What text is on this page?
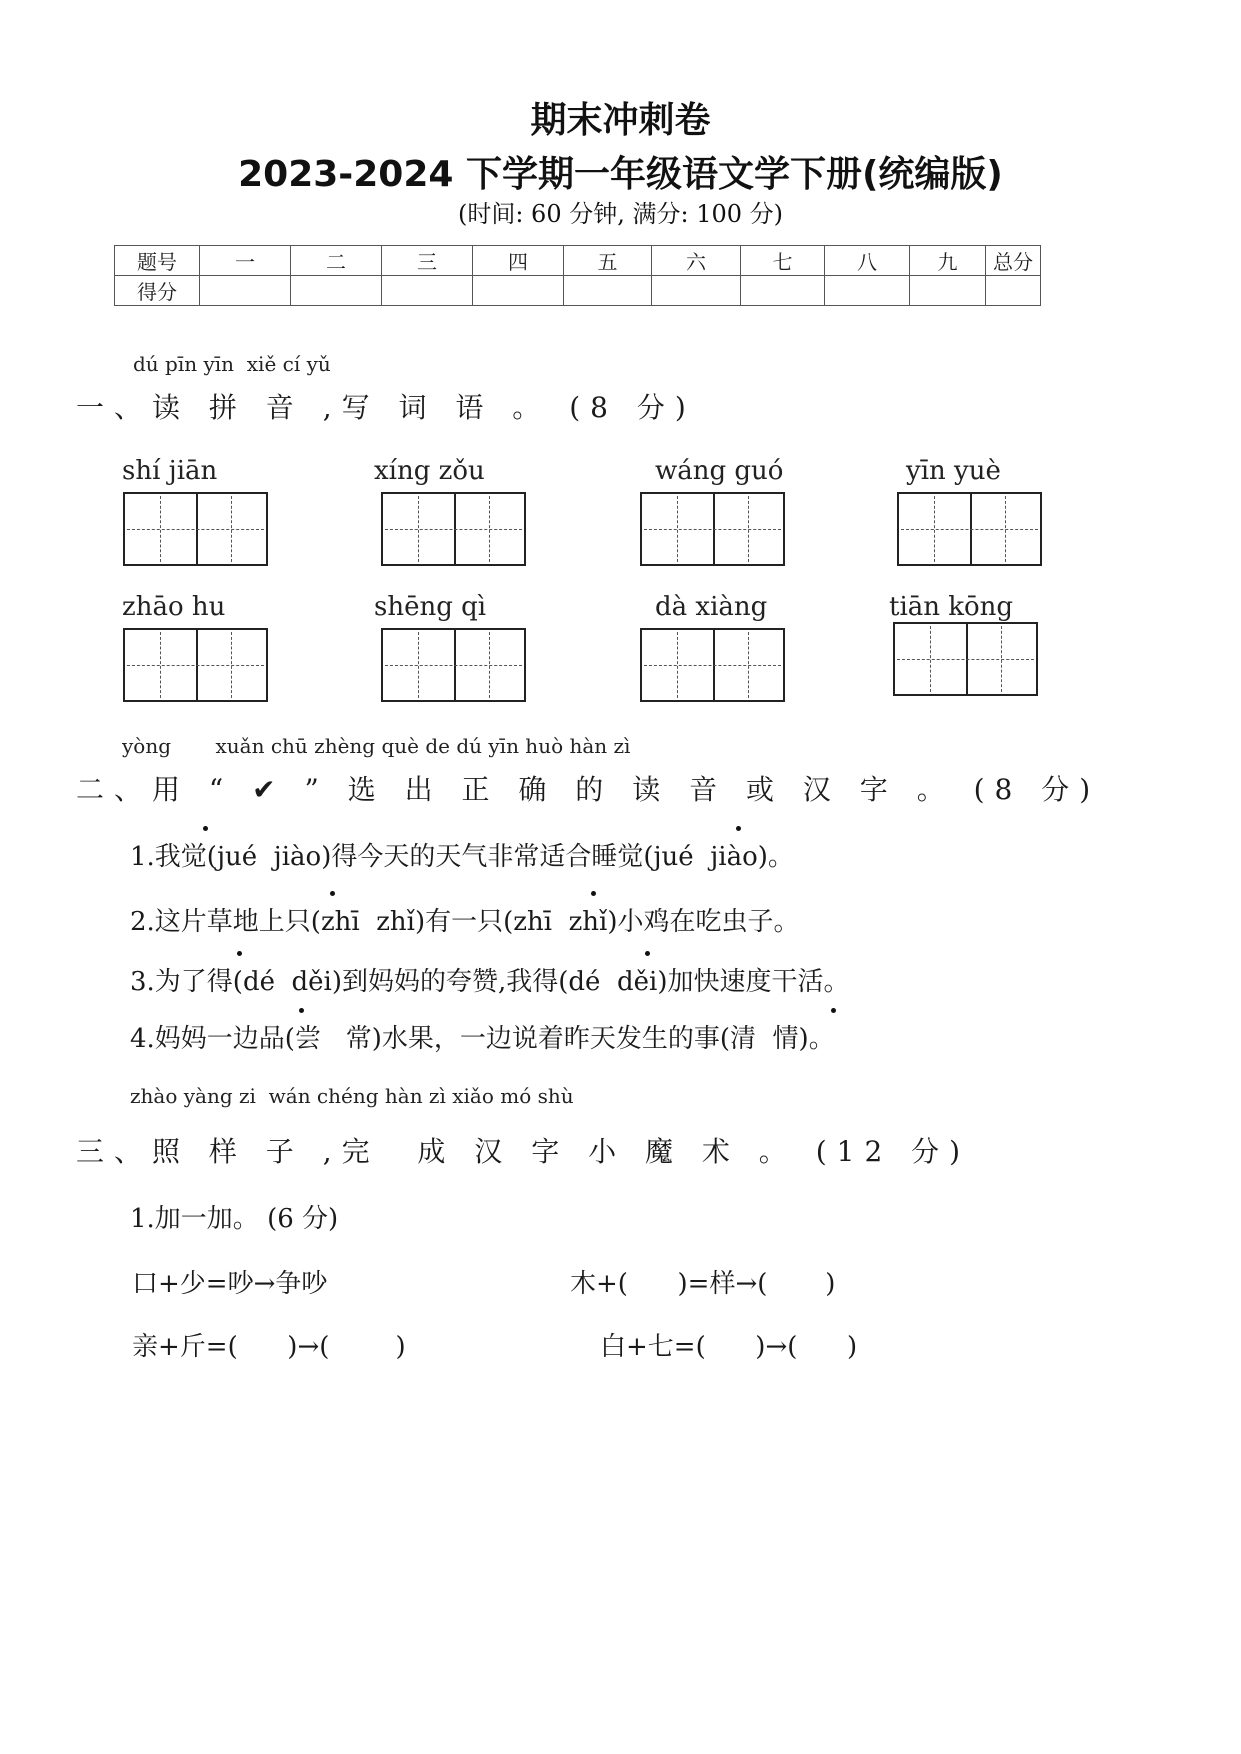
期末冲刺卷
2023-2024 下学期一年级语文学下册(统编版)
(时间: 60 分钟, 满分: 100 分)
题号	一	二	三	四	五	六	七	八	九	总分
得分										
dú pīn yīn  xiě cí yǔ
一、读 拼 音 ,写 词 语 。 (8 分)
shí jiān	xíng zǒu	wáng guó	yīn yuè
zhāo hu	shēng qì	dà xiàng	tiān kōng
yòng       xuǎn chū zhèng què de dú yīn huò hàn zì
二、用 “ ✔ ” 选 出 正 确 的 读 音 或 汉 字 。 (8 分)
1.我觉(jué  jiào)得今天的天气非常适合睡觉(jué  jiào)。
2.这片草地上只(zhī  zhǐ)有一只(zhī  zhǐ)小鸡在吃虫子。
3.为了得(dé  děi)到妈妈的夸赞,我得(dé  děi)加快速度干活。
4.妈妈一边品(尝   常)水果，一边说着昨天发生的事(清  情)。
zhào yàng zi  wán chéng hàn zì xiǎo mó shù
三、照 样 子 ,完  成 汉 字 小 魔 术 。 (12 分)
1.加一加。 (6 分)
口+少=吵→争吵	木+(      )=样→(       )
亲+斤=(      )→(        )	白+七=(      )→(      )
